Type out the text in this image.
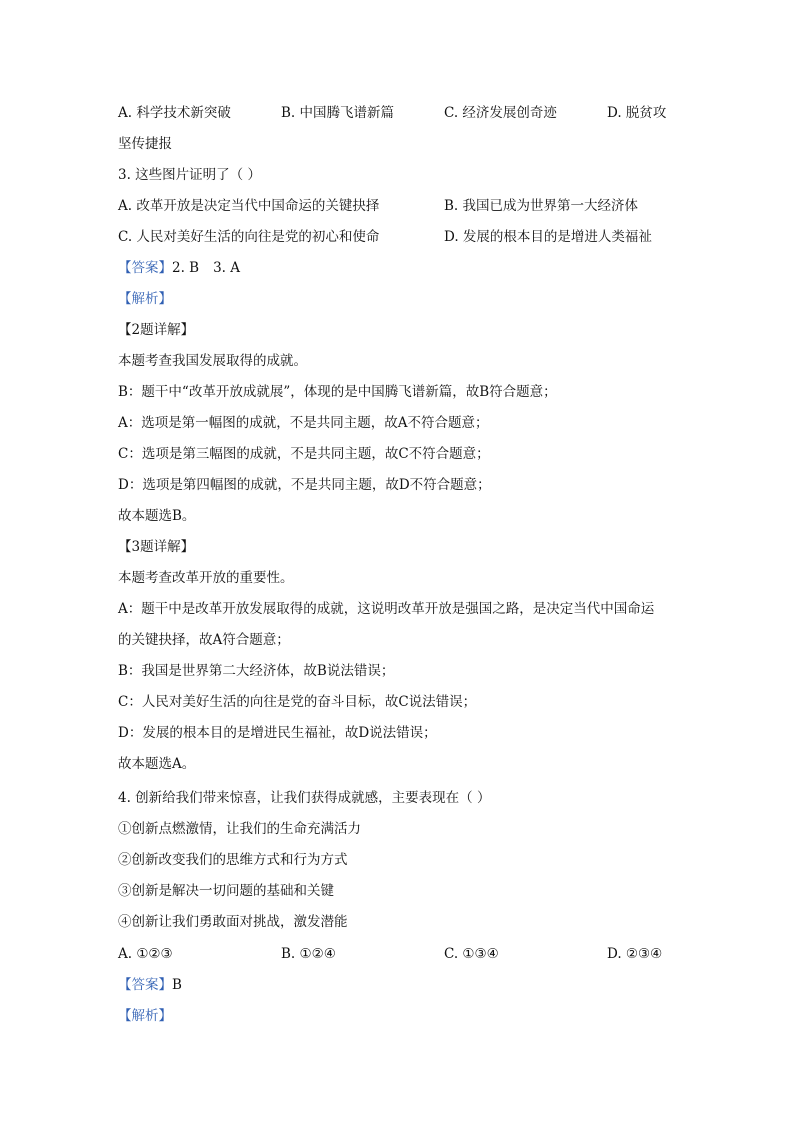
A. 科学技术新突破	B. 中国腾飞谱新篇	C. 经济发展创奇迹	D. 脱贫攻
坚传捷报
3. 这些图片证明了（ ）
A. 改革开放是决定当代中国命运的关键抉择	B. 我国已成为世界第一大经济体
C. 人民对美好生活的向往是党的初心和使命	D. 发展的根本目的是增进人类福祉
【答案】2. B 3. A
【解析】
【2题详解】
本题考查我国发展取得的成就。
B：题干中“改革开放成就展”，体现的是中国腾飞谱新篇，故B符合题意；
A：选项是第一幅图的成就，不是共同主题，故A不符合题意；
C：选项是第三幅图的成就，不是共同主题，故C不符合题意；
D：选项是第四幅图的成就，不是共同主题，故D不符合题意；
故本题选B。
【3题详解】
本题考查改革开放的重要性。
A：题干中是改革开放发展取得的成就，这说明改革开放是强国之路，是决定当代中国命运
的关键抉择，故A符合题意；
B：我国是世界第二大经济体，故B说法错误；
C：人民对美好生活的向往是党的奋斗目标，故C说法错误；
D：发展的根本目的是增进民生福祉，故D说法错误；
故本题选A。
4. 创新给我们带来惊喜，让我们获得成就感，主要表现在（ ）
①创新点燃激情，让我们的生命充满活力
②创新改变我们的思维方式和行为方式
③创新是解决一切问题的基础和关键
④创新让我们勇敢面对挑战，激发潜能
A. ①②③	B. ①②④	C. ①③④	D. ②③④
【答案】B
【解析】
